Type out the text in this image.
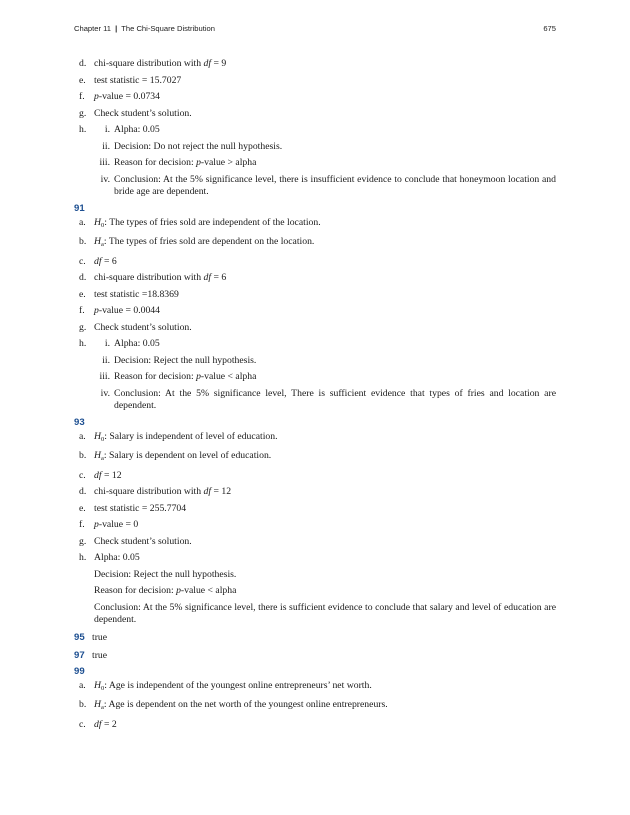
Chapter 11 | The Chi-Square Distribution	675
d. chi-square distribution with df = 9
e. test statistic = 15.7027
f. p-value = 0.0734
g. Check student’s solution.
h.	i. Alpha: 0.05
ii. Decision: Do not reject the null hypothesis.
iii. Reason for decision: p-value > alpha
iv. Conclusion: At the 5% significance level, there is insufficient evidence to conclude that honeymoon location and bride age are dependent.
91
a. $H_0$: The types of fries sold are independent of the location.
b. $H_a$: The types of fries sold are dependent on the location.
c. df = 6
d. chi-square distribution with df = 6
e. test statistic =18.8369
f. p-value = 0.0044
g. Check student’s solution.
h.	i. Alpha: 0.05
ii. Decision: Reject the null hypothesis.
iii. Reason for decision: p-value < alpha
iv. Conclusion: At the 5% significance level, There is sufficient evidence that types of fries and location are dependent.
93
a. $H_0$: Salary is independent of level of education.
b. $H_a$: Salary is dependent on level of education.
c. df = 12
d. chi-square distribution with df = 12
e. test statistic = 255.7704
f. p-value = 0
g. Check student’s solution.
h. Alpha: 0.05
Decision: Reject the null hypothesis.
Reason for decision: p-value < alpha
Conclusion: At the 5% significance level, there is sufficient evidence to conclude that salary and level of education are dependent.
95 true
97 true
99
a. $H_0$: Age is independent of the youngest online entrepreneurs’ net worth.
b. $H_a$: Age is dependent on the net worth of the youngest online entrepreneurs.
c. df = 2
